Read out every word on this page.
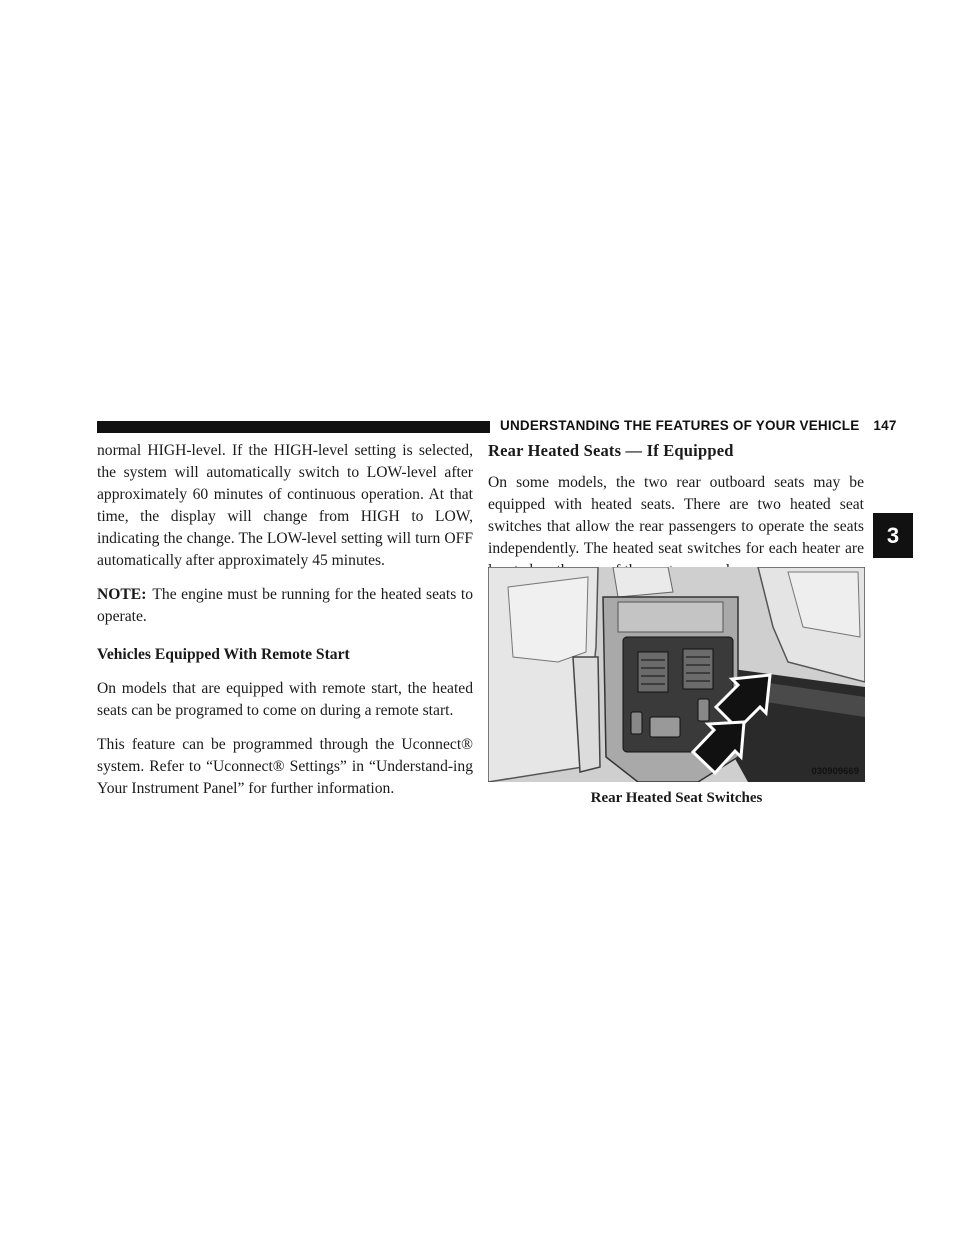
UNDERSTANDING THE FEATURES OF YOUR VEHICLE 147
3

normal HIGH-level. If the HIGH-level setting is selected, the system will automatically switch to LOW-level after approximately 60 minutes of continuous operation. At that time, the display will change from HIGH to LOW, indicating the change. The LOW-level setting will turn OFF automatically after approximately 45 minutes.

NOTE: The engine must be running for the heated seats to operate.

Vehicles Equipped With Remote Start

On models that are equipped with remote start, the heated seats can be programed to come on during a remote start.

This feature can be programmed through the Uconnect® system. Refer to “Uconnect® Settings” in “Understand-ing Your Instrument Panel” for further information.

Rear Heated Seats — If Equipped

On some models, the two rear outboard seats may be equipped with heated seats. There are two heated seat switches that allow the rear passengers to operate the seats independently. The heated seat switches for each heater are

030909669
Rear Heated Seat Switches
